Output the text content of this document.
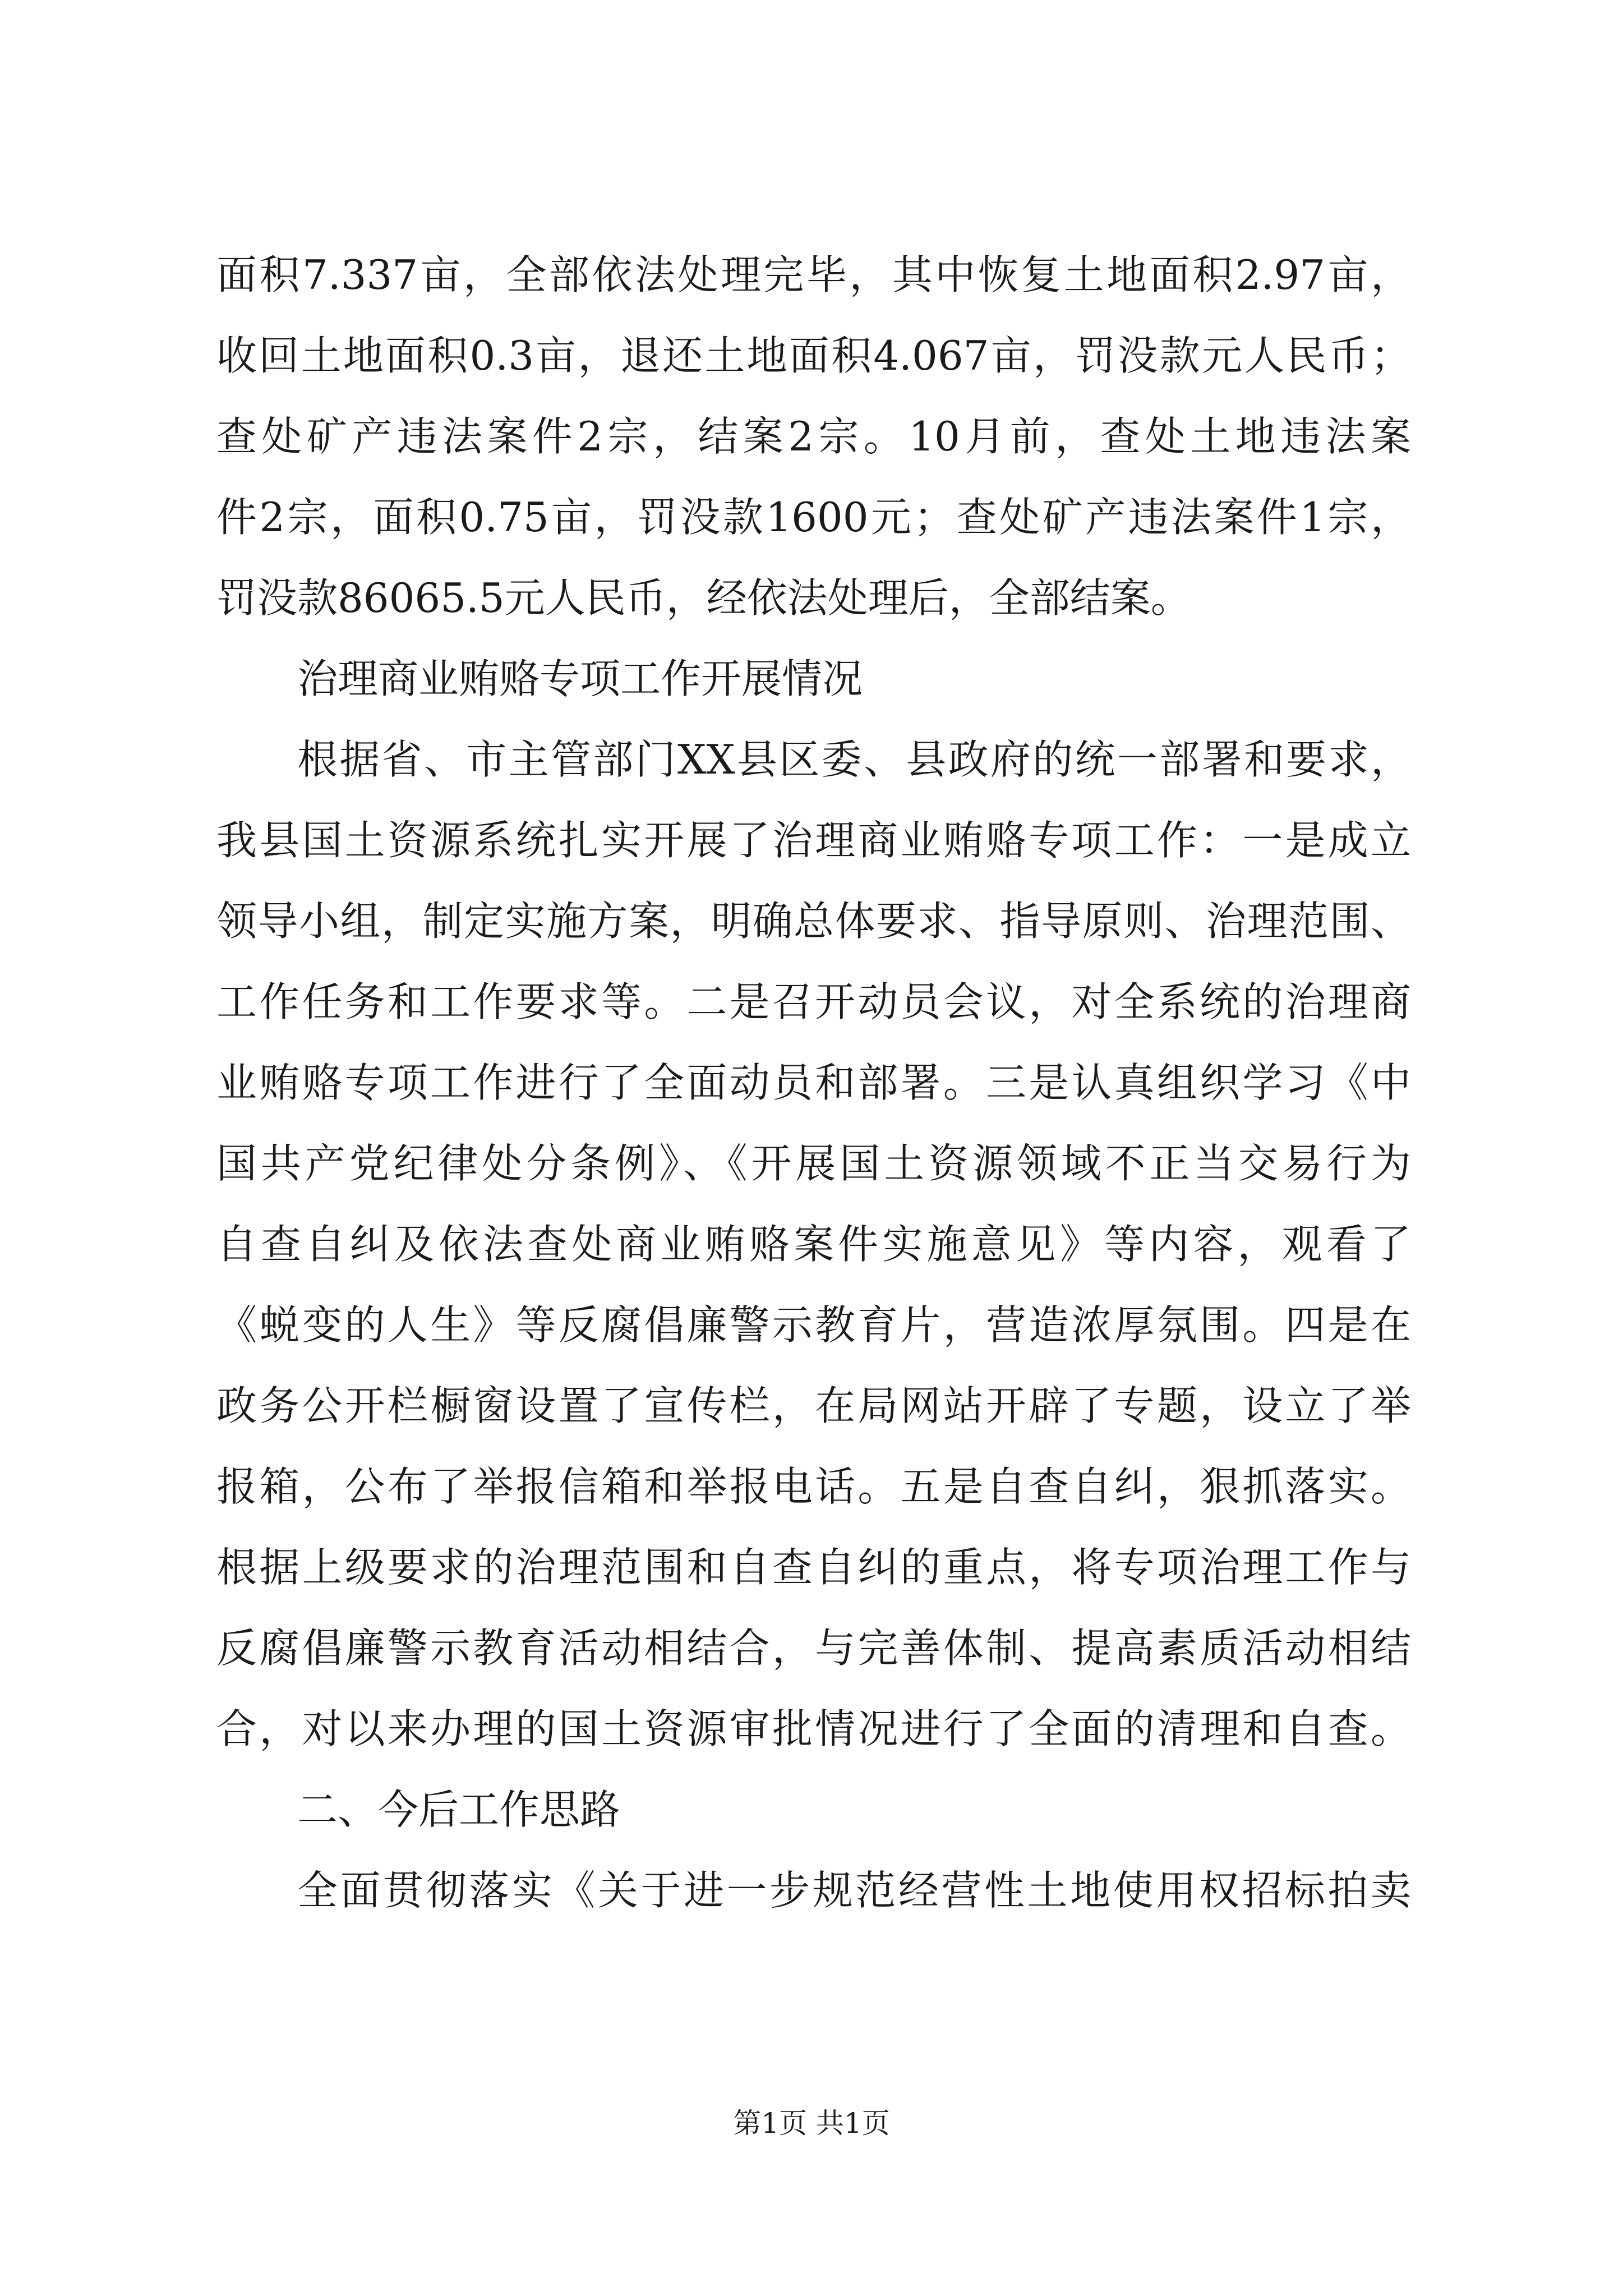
面积7.337亩，全部依法处理完毕，其中恢复土地面积2.97亩，
收回土地面积0.3亩，退还土地面积4.067亩，罚没款元人民币；
查处矿产违法案件2宗，结案2宗。10月前，查处土地违法案
件2宗，面积0.75亩，罚没款1600元；查处矿产违法案件1宗，
罚没款86065.5元人民币，经依法处理后，全部结案。
治理商业贿赂专项工作开展情况
根据省、市主管部门XX县区委、县政府的统一部署和要求，
我县国土资源系统扎实开展了治理商业贿赂专项工作：一是成立
领导小组，制定实施方案，明确总体要求、指导原则、治理范围、
工作任务和工作要求等。二是召开动员会议，对全系统的治理商
业贿赂专项工作进行了全面动员和部署。三是认真组织学习《中
国共产党纪律处分条例》、《开展国土资源领域不正当交易行为
自查自纠及依法查处商业贿赂案件实施意见》等内容，观看了
《蜕变的人生》等反腐倡廉警示教育片，营造浓厚氛围。四是在
政务公开栏橱窗设置了宣传栏，在局网站开辟了专题，设立了举
报箱，公布了举报信箱和举报电话。五是自查自纠，狠抓落实。
根据上级要求的治理范围和自查自纠的重点，将专项治理工作与
反腐倡廉警示教育活动相结合，与完善体制、提高素质活动相结
合，对以来办理的国土资源审批情况进行了全面的清理和自查。
二、今后工作思路
全面贯彻落实《关于进一步规范经营性土地使用权招标拍卖
第1页 共1页
